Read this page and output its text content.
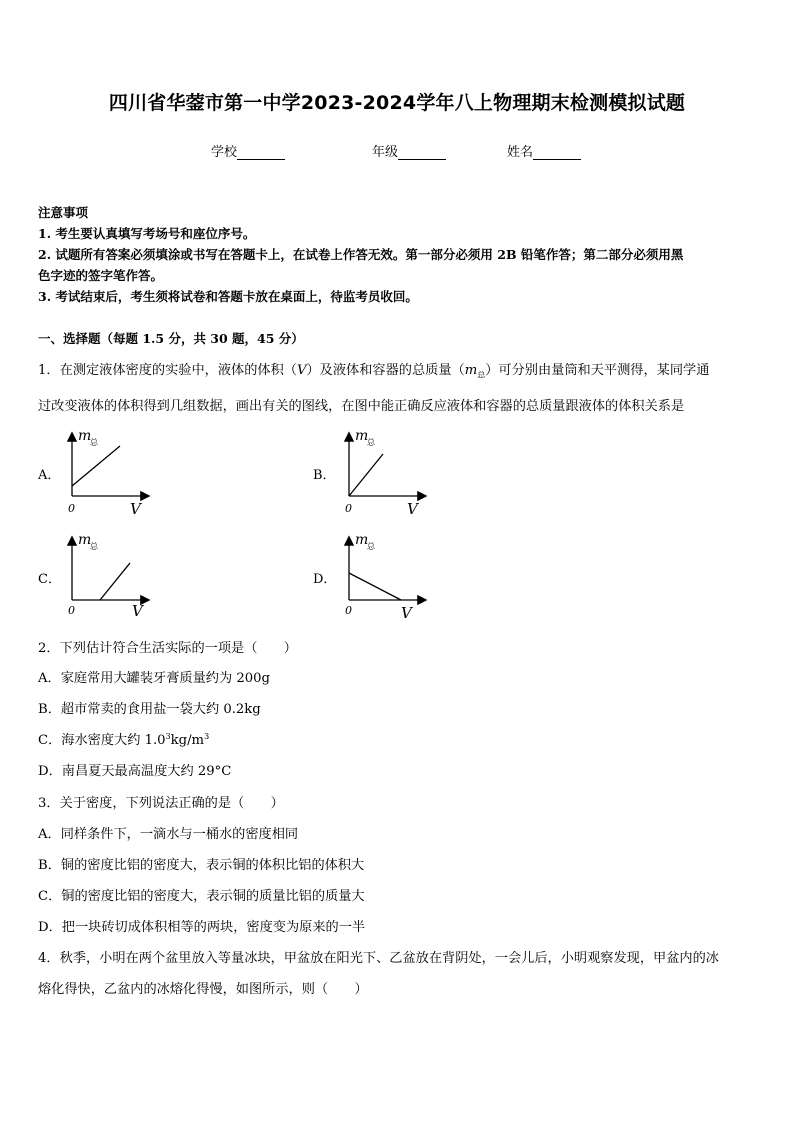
四川省华蓥市第一中学2023-2024学年八上物理期末检测模拟试题
学校	年级	姓名
注意事项
1. 考生要认真填写考场号和座位序号。
2. 试题所有答案必须填涂或书写在答题卡上，在试卷上作答无效。第一部分必须用 2B 铅笔作答；第二部分必须用黑
色字迹的签字笔作答。
3. 考试结束后，考生须将试卷和答题卡放在桌面上，待监考员收回。
一、选择题（每题 1.5 分，共 30 题，45 分）
1．在测定液体密度的实验中，液体的体积（V）及液体和容器的总质量$(m_总)$可分别由量筒和天平测得，某同学通
过改变液体的体积得到几组数据，画出有关的图线，在图中能正确反应液体和容器的总质量跟液体的体积关系是
A．	B．
C．	D．
m
总
V
0
m
总
V
0
m
总
V
0
m
总
V
0
2．下列估计符合生活实际的一项是（　　）
A．家庭常用大罐装牙膏质量约为 200g
B．超市常卖的食用盐一袋大约 0.2kg
C．海水密度大约 $1.0^3kg/m^3$
D．南昌夏天最高温度大约 29°C
3．关于密度，下列说法正确的是（　　）
A．同样条件下，一滴水与一桶水的密度相同
B．铜的密度比铝的密度大，表示铜的体积比铝的体积大
C．铜的密度比铝的密度大，表示铜的质量比铝的质量大
D．把一块砖切成体积相等的两块，密度变为原来的一半
4．秋季，小明在两个盆里放入等量冰块，甲盆放在阳光下、乙盆放在背阴处，一会儿后，小明观察发现，甲盆内的冰
熔化得快，乙盆内的冰熔化得慢，如图所示，则（　　）
